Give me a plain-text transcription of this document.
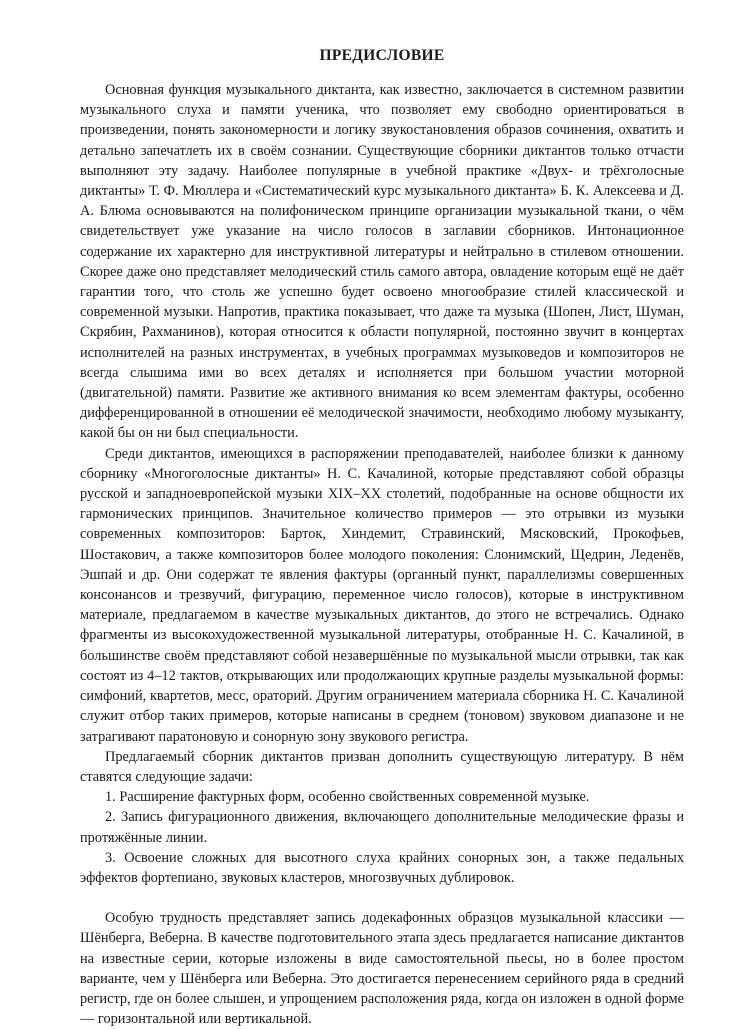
ПРЕДИСЛОВИЕ

Основная функция музыкального диктанта, как известно, заключается в системном развитии музыкального слуха и памяти ученика, что позволяет ему свободно ориентироваться в произведении, понять закономерности и логику звукостановления образов сочинения, охватить и детально запечатлеть их в своём сознании. Существующие сборники диктантов только отчасти выполняют эту задачу. Наиболее популярные в учебной практике «Двух- и трёхголосные диктанты» Т. Ф. Мюллера и «Систематический курс музыкального диктанта» Б. К. Алексеева и Д. А. Блюма основываются на полифоническом принципе организации музыкальной ткани, о чём свидетельствует уже указание на число голосов в заглавии сборников. Интонационное содержание их характерно для инструктивной литературы и нейтрально в стилевом отношении. Скорее даже оно представляет мелодический стиль самого автора, овладение которым ещё не даёт гарантии того, что столь же успешно будет освоено многообразие стилей классической и современной музыки. Напротив, практика показывает, что даже та музыка (Шопен, Лист, Шуман, Скрябин, Рахманинов), которая относится к области популярной, постоянно звучит в концертах исполнителей на разных инструментах, в учебных программах музыковедов и композиторов не всегда слышима ими во всех деталях и исполняется при большом участии моторной (двигательной) памяти. Развитие же активного внимания ко всем элементам фактуры, особенно дифференцированной в отношении её мелодической значимости, необходимо любому музыканту, какой бы он ни был специальности.

Среди диктантов, имеющихся в распоряжении преподавателей, наиболее близки к данному сборнику «Многоголосные диктанты» Н. С. Качалиной, которые представляют собой образцы русской и западноевропейской музыки XIX–XX столетий, подобранные на основе общности их гармонических принципов. Значительное количество примеров — это отрывки из музыки современных композиторов: Барток, Хиндемит, Стравинский, Мясковский, Прокофьев, Шостакович, а также композиторов более молодого поколения: Слонимский, Щедрин, Леденёв, Эшпай и др. Они содержат те явления фактуры (органный пункт, параллелизмы совершенных консонансов и трезвучий, фигурацию, переменное число голосов), которые в инструктивном материале, предлагаемом в качестве музыкальных диктантов, до этого не встречались. Однако фрагменты из высокохудожественной музыкальной литературы, отобранные Н. С. Качалиной, в большинстве своём представляют собой незавершённые по музыкальной мысли отрывки, так как состоят из 4–12 тактов, открывающих или продолжающих крупные разделы музыкальной формы: симфоний, квартетов, месс, ораторий. Другим ограничением материала сборника Н. С. Качалиной служит отбор таких примеров, которые написаны в среднем (тоновом) звуковом диапазоне и не затрагивают паратоновую и сонорную зону звукового регистра.

Предлагаемый сборник диктантов призван дополнить существующую литературу. В нём ставятся следующие задачи:

1. Расширение фактурных форм, особенно свойственных современной музыке.

2. Запись фигурационного движения, включающего дополнительные мелодические фразы и протяжённые линии.

3. Освоение сложных для высотного слуха крайних сонорных зон, а также педальных эффектов фортепиано, звуковых кластеров, многозвучных дублировок.

Особую трудность представляет запись додекафонных образцов музыкальной классики — Шёнберга, Веберна. В качестве подготовительного этапа здесь предлагается написание диктантов на известные серии, которые изложены в виде самостоятельной пьесы, но в более простом варианте, чем у Шёнберга или Веберна. Это достигается перенесением серийного ряда в средний регистр, где он более слышен, и упрощением расположения ряда, когда он изложен в одной форме — горизонтальной или вертикальной.
